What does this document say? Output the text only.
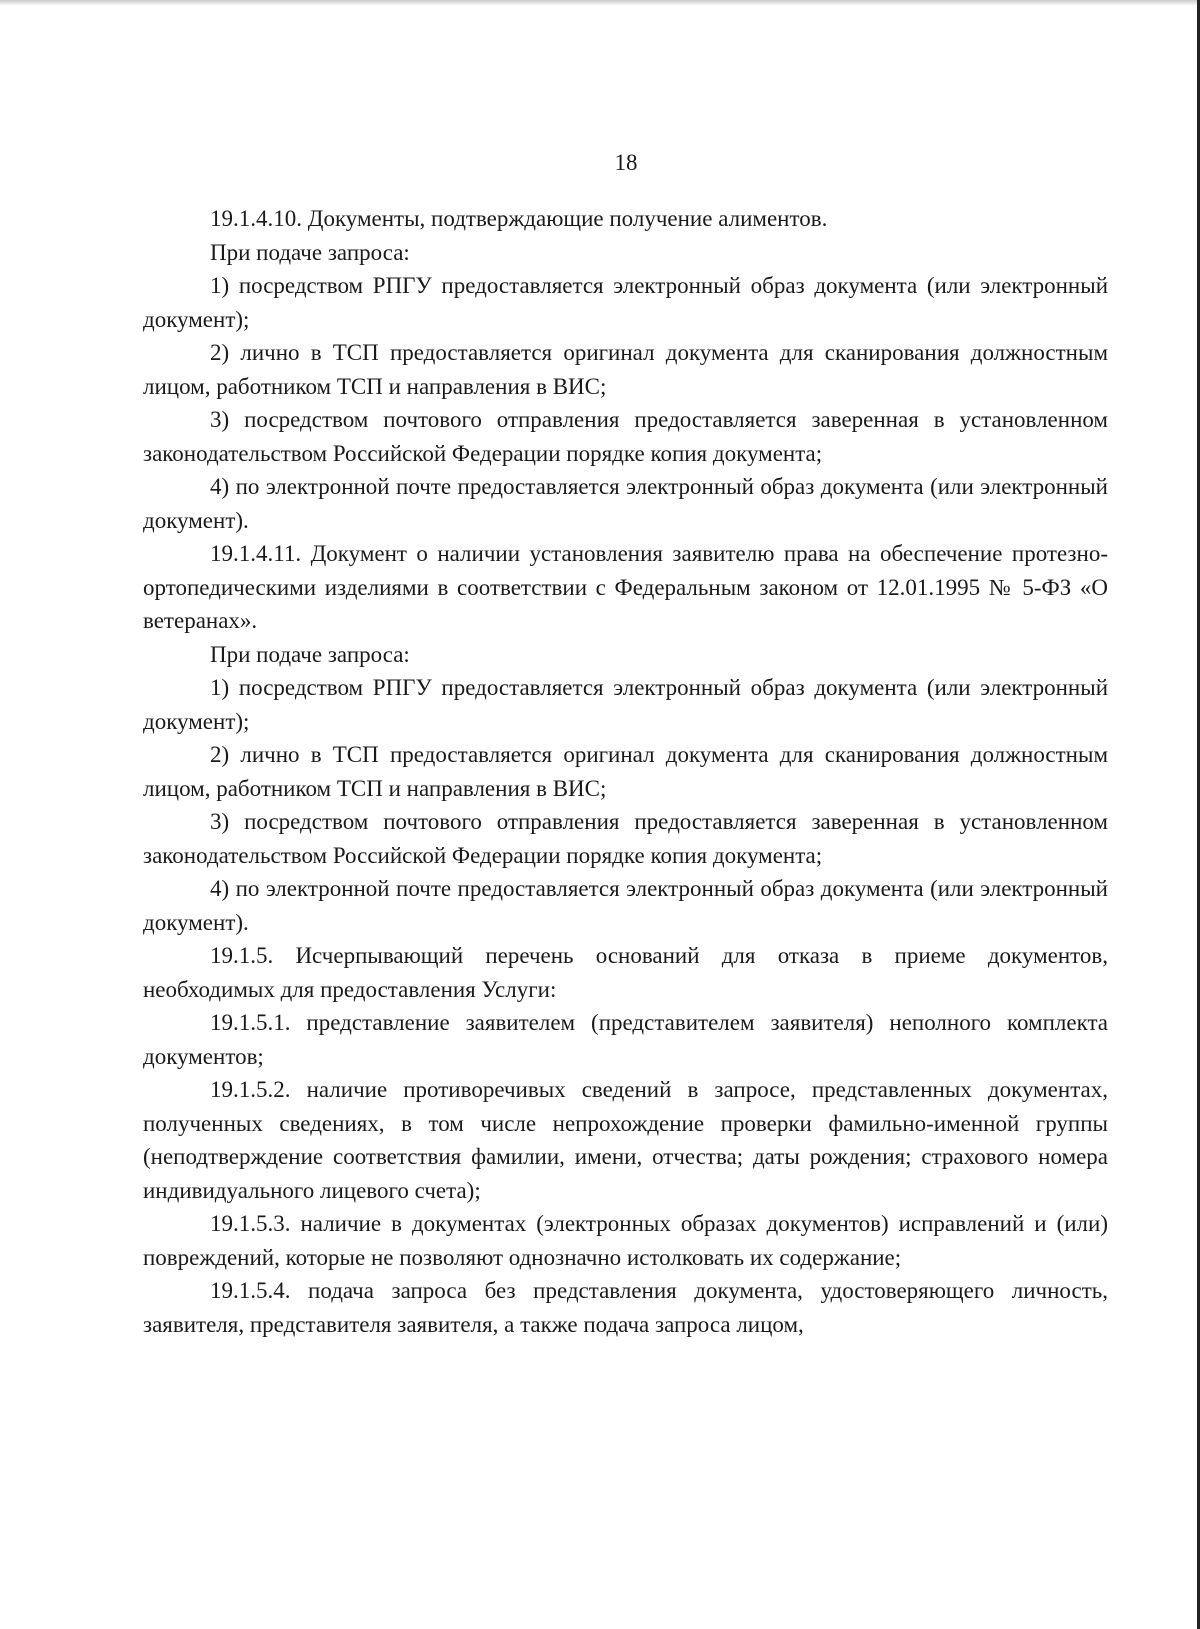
18

19.1.4.10. Документы, подтверждающие получение алиментов.

При подаче запроса:

1) посредством РПГУ предоставляется электронный образ документа (или электронный документ);

2) лично в ТСП предоставляется оригинал документа для сканирования должностным лицом, работником ТСП и направления в ВИС;

3) посредством почтового отправления предоставляется заверенная в установленном законодательством Российской Федерации порядке копия документа;

4) по электронной почте предоставляется электронный образ документа (или электронный документ).

19.1.4.11. Документ о наличии установления заявителю права на обеспечение протезно-ортопедическими изделиями в соответствии с Федеральным законом от 12.01.1995 № 5-ФЗ «О ветеранах».

При подаче запроса:

1) посредством РПГУ предоставляется электронный образ документа (или электронный документ);

2) лично в ТСП предоставляется оригинал документа для сканирования должностным лицом, работником ТСП и направления в ВИС;

3) посредством почтового отправления предоставляется заверенная в установленном законодательством Российской Федерации порядке копия документа;

4) по электронной почте предоставляется электронный образ документа (или электронный документ).

19.1.5. Исчерпывающий перечень оснований для отказа в приеме документов, необходимых для предоставления Услуги:

19.1.5.1. представление заявителем (представителем заявителя) неполного комплекта документов;

19.1.5.2. наличие противоречивых сведений в запросе, представленных документах, полученных сведениях, в том числе непрохождение проверки фамильно-именной группы (неподтверждение соответствия фамилии, имени, отчества; даты рождения; страхового номера индивидуального лицевого счета);

19.1.5.3. наличие в документах (электронных образах документов) исправлений и (или) повреждений, которые не позволяют однозначно истолковать их содержание;

19.1.5.4. подача запроса без представления документа, удостоверяющего личность, заявителя, представителя заявителя, а также подача запроса лицом,
